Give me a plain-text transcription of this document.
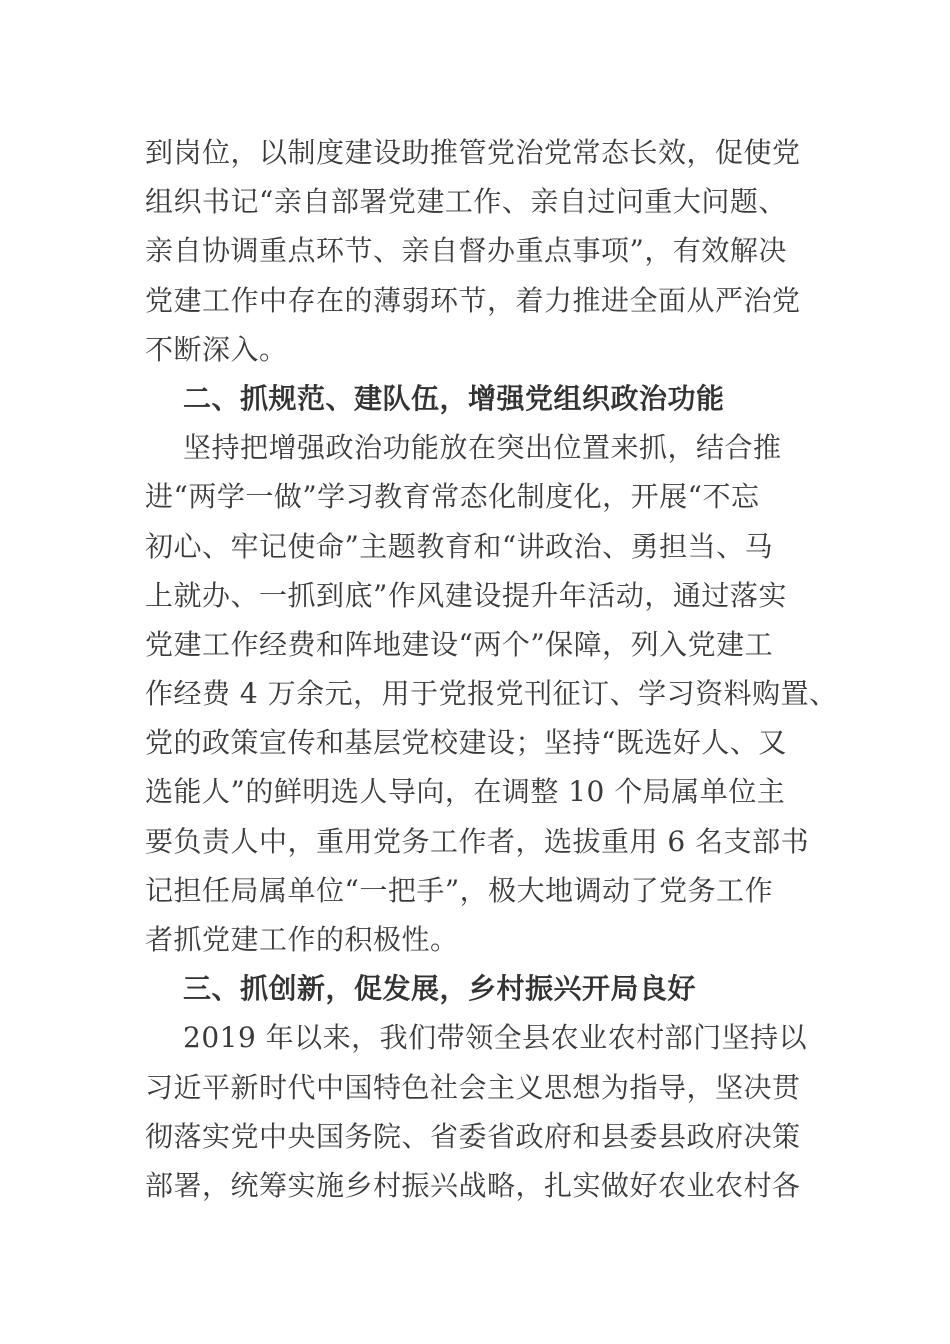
到岗位，以制度建设助推管党治党常态长效，促使党
组织书记“亲自部署党建工作、亲自过问重大问题、
亲自协调重点环节、亲自督办重点事项”，有效解决
党建工作中存在的薄弱环节，着力推进全面从严治党
不断深入。
二、抓规范、建队伍，增强党组织政治功能
坚持把增强政治功能放在突出位置来抓，结合推
进“两学一做”学习教育常态化制度化，开展“不忘
初心、牢记使命”主题教育和“讲政治、勇担当、马
上就办、一抓到底”作风建设提升年活动，通过落实
党建工作经费和阵地建设“两个”保障，列入党建工
作经费 4 万余元，用于党报党刊征订、学习资料购置、
党的政策宣传和基层党校建设；坚持“既选好人、又
选能人”的鲜明选人导向，在调整 10 个局属单位主
要负责人中，重用党务工作者，选拔重用 6 名支部书
记担任局属单位“一把手”，极大地调动了党务工作
者抓党建工作的积极性。
三、抓创新，促发展，乡村振兴开局良好
2019 年以来，我们带领全县农业农村部门坚持以
习近平新时代中国特色社会主义思想为指导，坚决贯
彻落实党中央国务院、省委省政府和县委县政府决策
部署，统筹实施乡村振兴战略，扎实做好农业农村各
